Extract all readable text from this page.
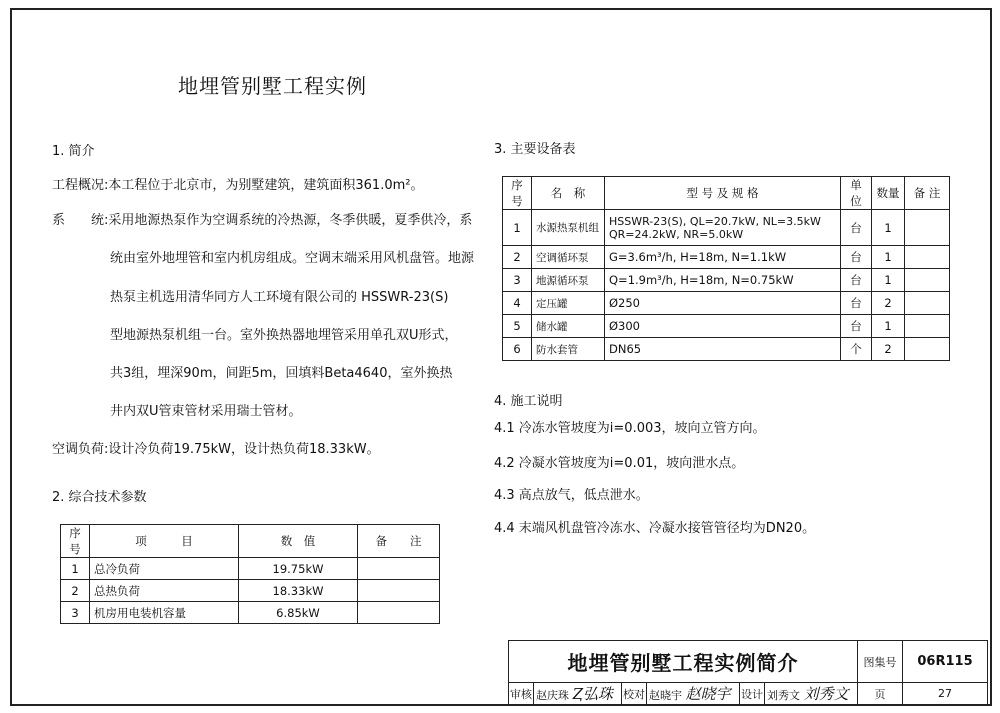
地埋管别墅工程实例
1. 简介
工程概况:本工程位于北京市，为别墅建筑，建筑面积361.0m²。
系　　统:采用地源热泵作为空调系统的冷热源，冬季供暖，夏季供冷，系
统由室外地埋管和室内机房组成。空调末端采用风机盘管。地源
热泵主机选用清华同方人工环境有限公司的 HSSWR-23(S)
型地源热泵机组一台。室外换热器地埋管采用单孔双U形式，
共3组，埋深90m，间距5m，回填料Beta4640，室外换热
井内双U管束管材采用瑞士管材。
空调负荷:设计冷负荷19.75kW，设计热负荷18.33kW。
2. 综合技术参数
序号	项　　　目	数　值	备　　注
1	总冷负荷	19.75kW	
2	总热负荷	18.33kW	
3	机房用电装机容量	6.85kW	
3. 主要设备表
序号	名　称	型 号 及 规 格	单位	数量	备 注
1	水源热泵机组	HSSWR-23(S), QL=20.7kW, NL=3.5kW
QR=24.2kW, NR=5.0kW	台	1	
2	空调循环泵	G=3.6m³/h, H=18m, N=1.1kW	台	1	
3	地源循环泵	Q=1.9m³/h, H=18m, N=0.75kW	台	1	
4	定压罐	Ø250	台	2	
5	储水罐	Ø300	台	1	
6	防水套管	DN65	个	2	
4. 施工说明
4.1 冷冻水管坡度为i=0.003，坡向立管方向。
4.2 冷凝水管坡度为i=0.01，坡向泄水点。
4.3 高点放气，低点泄水。
4.4 末端风机盘管冷冻水、冷凝水接管管径均为DN20。
地埋管别墅工程实例简介						图集号	06R115
审核	赵庆珠 Ⱬ弘珠	校对	赵晓宇 赵晓宇	设计	刘秀文 刘秀文	页	27
